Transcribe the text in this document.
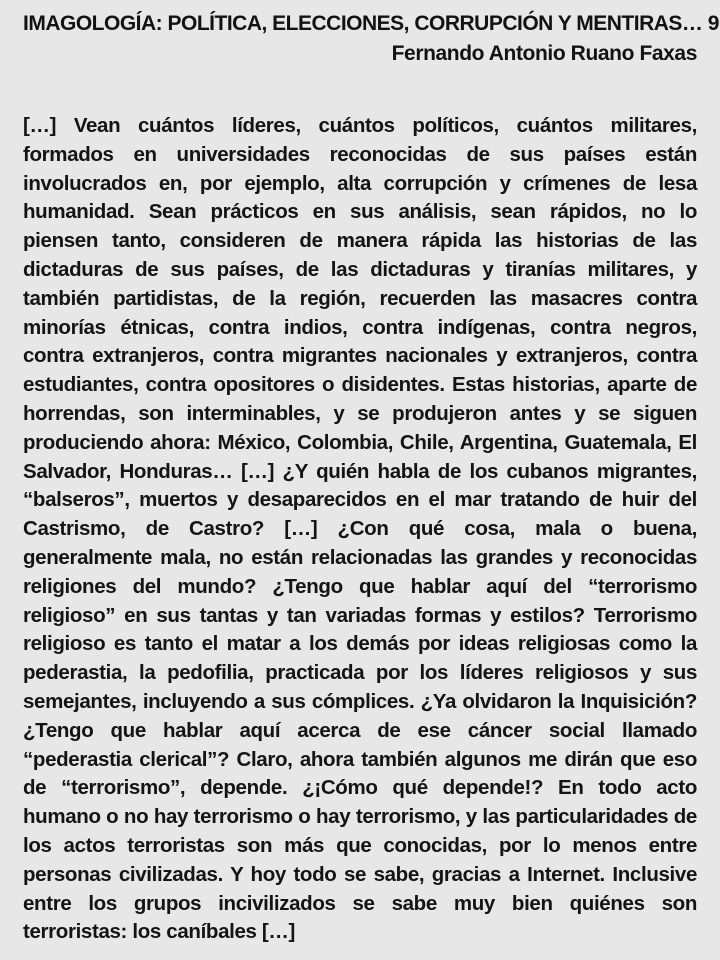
IMAGOLOGÍA: POLÍTICA, ELECCIONES, CORRUPCIÓN Y MENTIRAS… 9
Fernando Antonio Ruano Faxas

[…] Vean cuántos líderes, cuántos políticos, cuántos militares, formados en universidades reconocidas de sus países están involucrados en, por ejemplo, alta corrupción y crímenes de lesa humanidad. Sean prácticos en sus análisis, sean rápidos, no lo piensen tanto, consideren de manera rápida las historias de las dictaduras de sus países, de las dictaduras y tiranías militares, y también partidistas, de la región, recuerden las masacres contra minorías étnicas, contra indios, contra indígenas, contra negros, contra extranjeros, contra migrantes nacionales y extranjeros, contra estudiantes, contra opositores o disidentes. Estas historias, aparte de horrendas, son interminables, y se produjeron antes y se siguen produciendo ahora: México, Colombia, Chile, Argentina, Guatemala, El Salvador, Honduras… […] ¿Y quién habla de los cubanos migrantes, “balseros”, muertos y desaparecidos en el mar tratando de huir del Castrismo, de Castro? […] ¿Con qué cosa, mala o buena, generalmente mala, no están relacionadas las grandes y reconocidas religiones del mundo? ¿Tengo que hablar aquí del “terrorismo religioso” en sus tantas y tan variadas formas y estilos? Terrorismo religioso es tanto el matar a los demás por ideas religiosas como la pederastia, la pedofilia, practicada por los líderes religiosos y sus semejantes, incluyendo a sus cómplices. ¿Ya olvidaron la Inquisición? ¿Tengo que hablar aquí acerca de ese cáncer social llamado “pederastia clerical”? Claro, ahora también algunos me dirán que eso de “terrorismo”, depende. ¿¡Cómo qué depende!? En todo acto humano o no hay terrorismo o hay terrorismo, y las particularidades de los actos terroristas son más que conocidas, por lo menos entre personas civilizadas. Y hoy todo se sabe, gracias a Internet. Inclusive entre los grupos incivilizados se sabe muy bien quiénes son terroristas: los caníbales […]
